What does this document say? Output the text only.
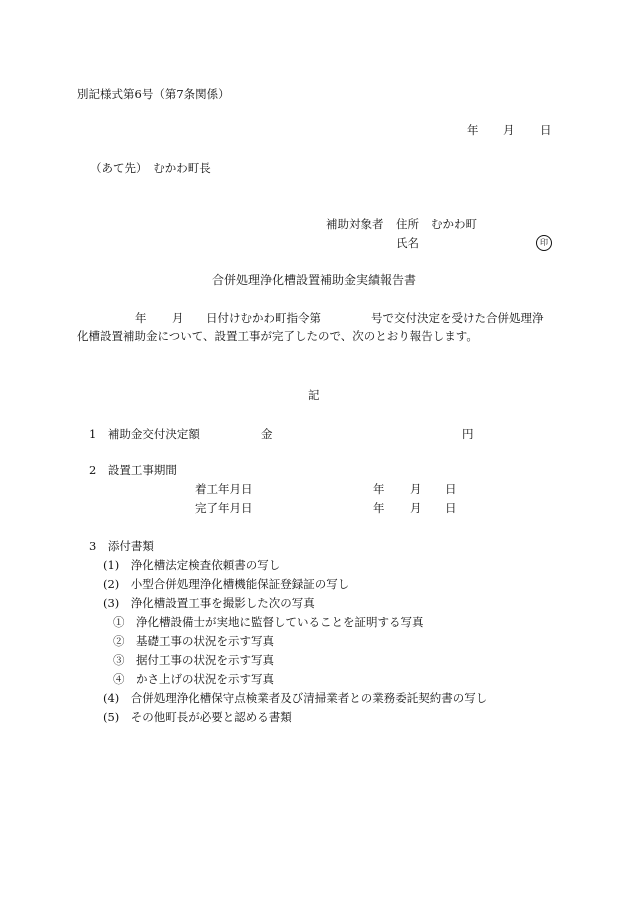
別記様式第6号（第7条関係）

年 月 日

（あて先）　むかわ町長

補助対象者 住所 むかわ町
氏名	印

合併処理浄化槽設置補助金実績報告書

年 月 日付けむかわ町指令第	号で交付決定を受けた合併処理浄

化槽設置補助金について、設置工事が完了したので、次のとおり報告します。

記

1　補助金交付決定額	金	円

2　設置工事期間

着工年月日	年 月 日
完了年月日	年 月 日

3　添付書類

(1)　浄化槽法定検査依頼書の写し

(2)　小型合併処理浄化槽機能保証登録証の写し

(3)　浄化槽設置工事を撮影した次の写真

①　浄化槽設備士が実地に監督していることを証明する写真

②　基礎工事の状況を示す写真

③　据付工事の状況を示す写真

④　かさ上げの状況を示す写真

(4)　合併処理浄化槽保守点検業者及び清掃業者との業務委託契約書の写し

(5)　その他町長が必要と認める書類
